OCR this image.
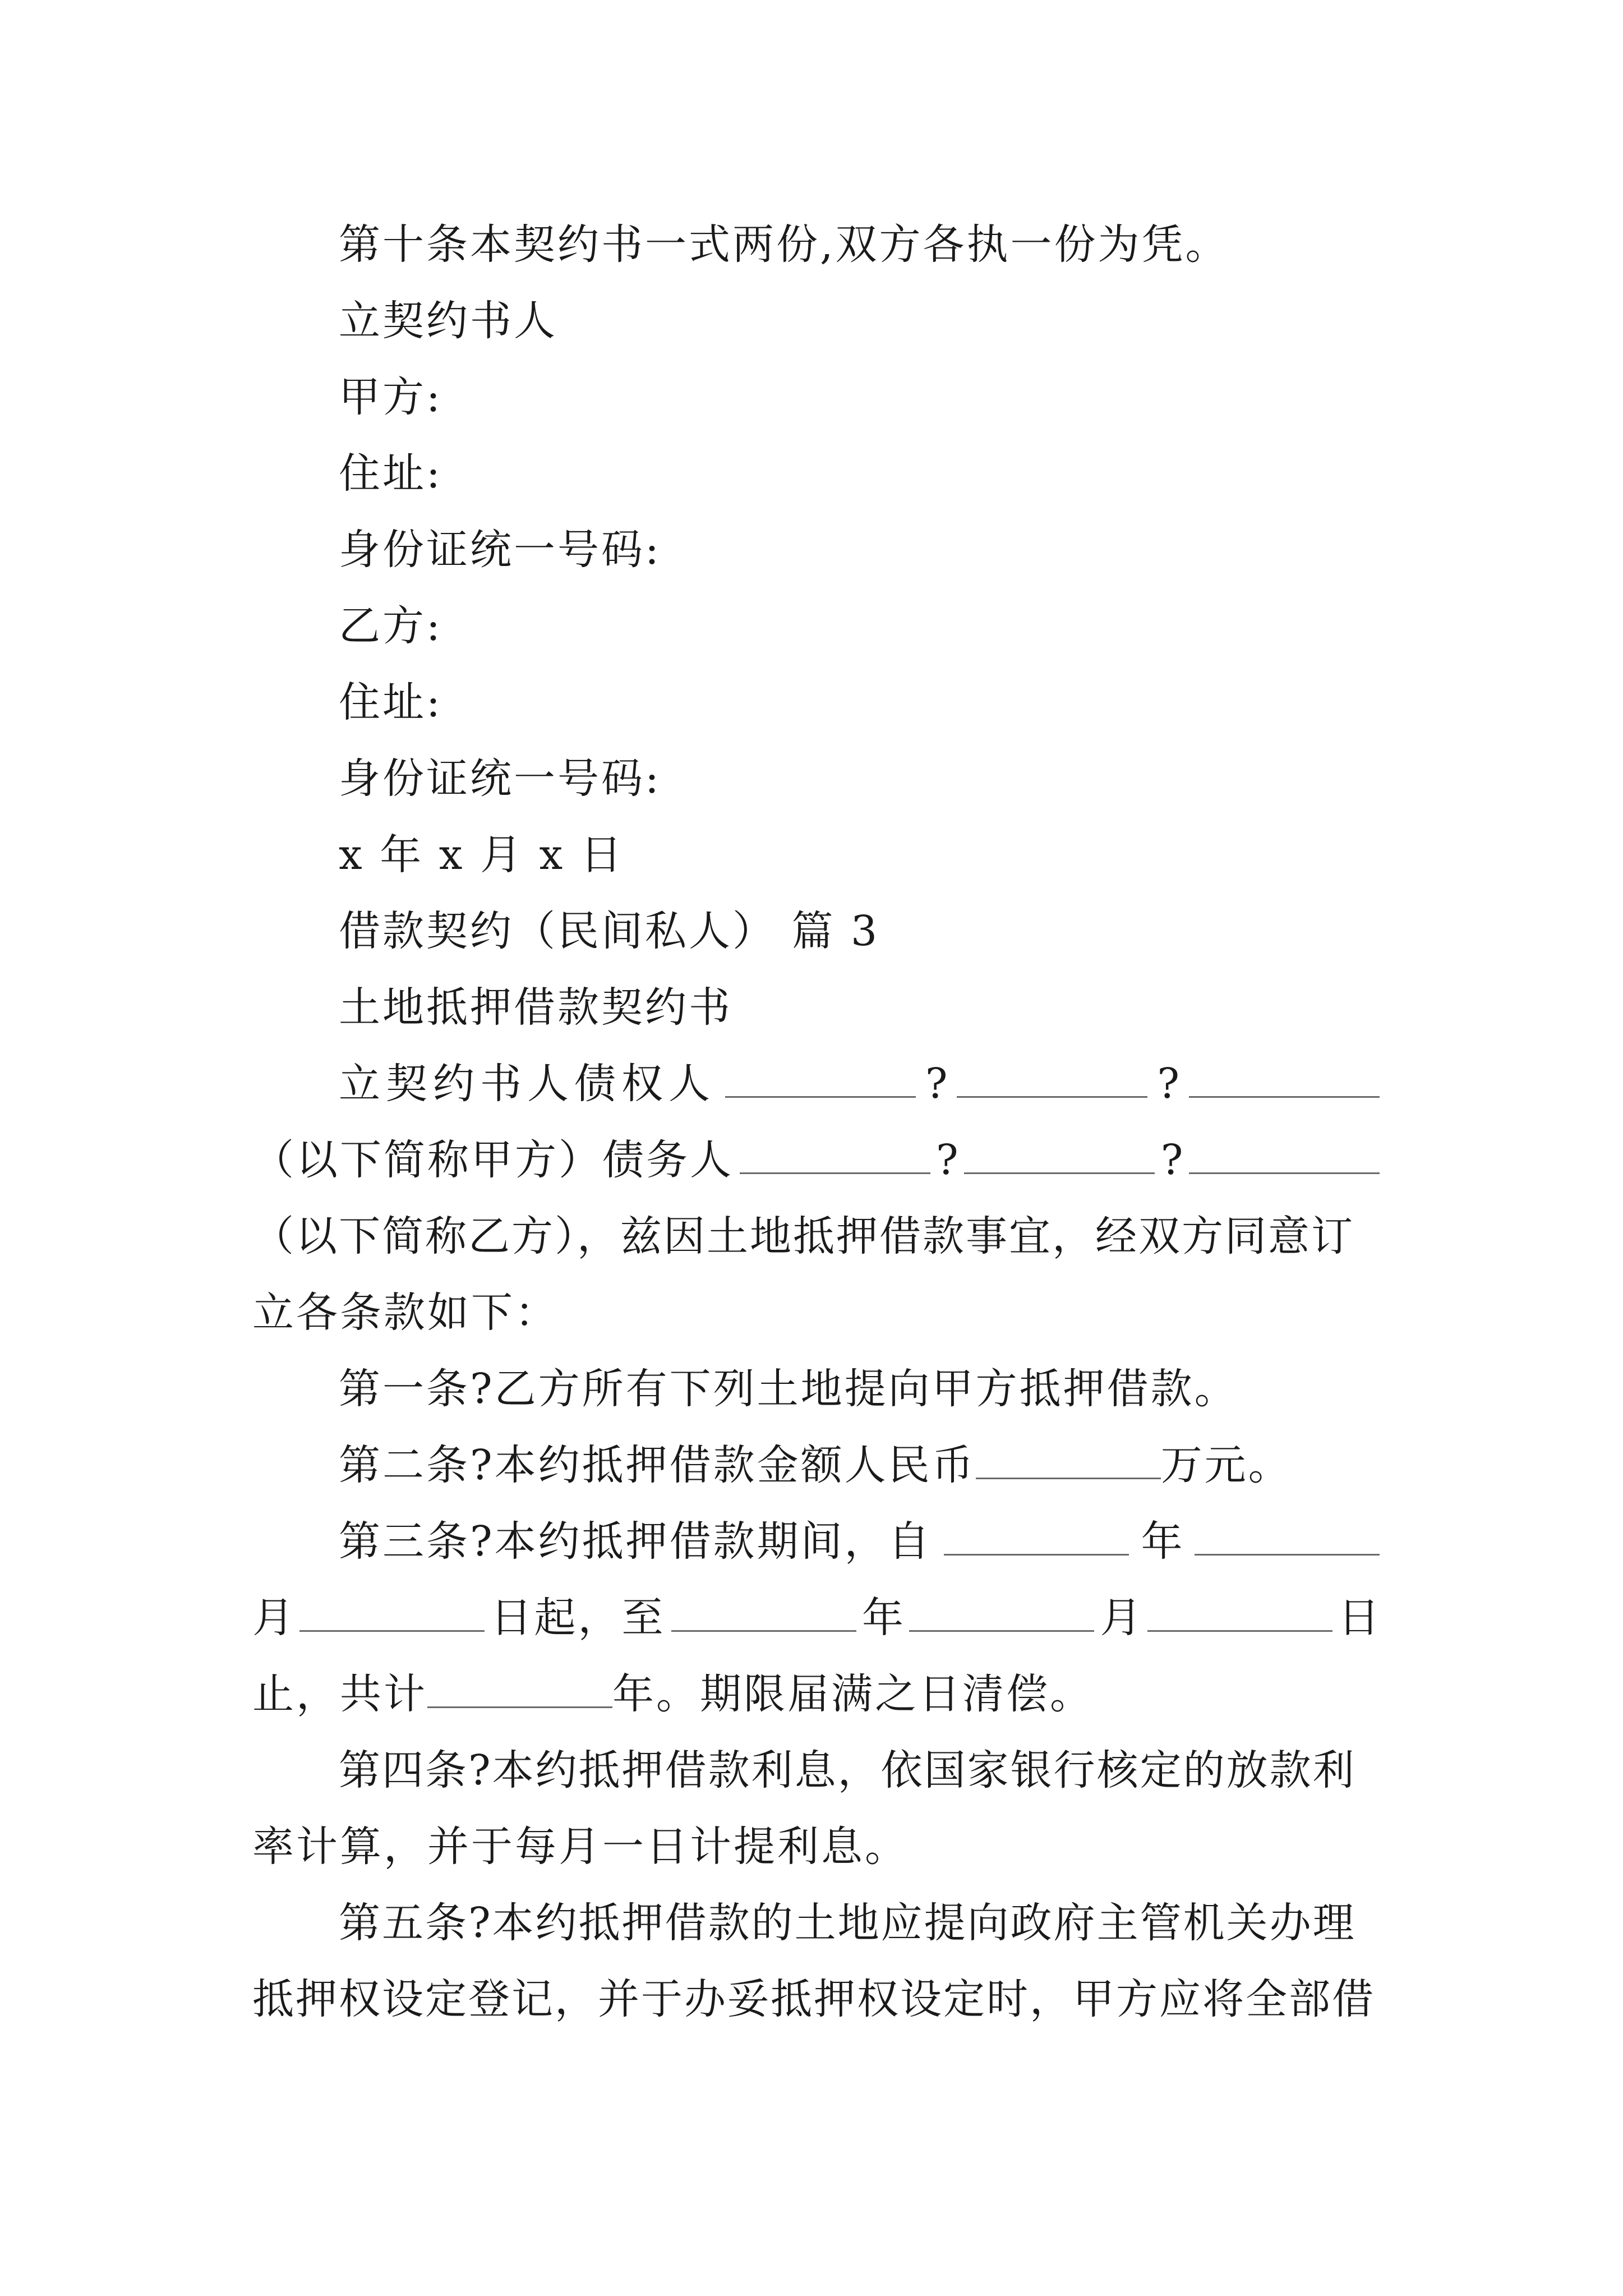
第十条本契约书一式两份,双方各执一份为凭。
立契约书人
甲方:
住址:
身份证统一号码:
乙方:
住址:
身份证统一号码:
x 年 x 月 x 日
借款契约（民间私人） 篇 3
土地抵押借款契约书
立契约书人债权人	?	?
（以下简称甲方）债务人	?	?
（以下简称乙方），兹因土地抵押借款事宜，经双方同意订
立各条款如下：
第一条?乙方所有下列土地提向甲方抵押借款。
第二条?本约抵押借款金额人民币	万元。
第三条?本约抵押借款期间，自	年
月	日起，至	年	月	日
止，共计	年。期限届满之日清偿。
第四条?本约抵押借款利息，依国家银行核定的放款利
率计算，并于每月一日计提利息。
第五条?本约抵押借款的土地应提向政府主管机关办理
抵押权设定登记，并于办妥抵押权设定时，甲方应将全部借
